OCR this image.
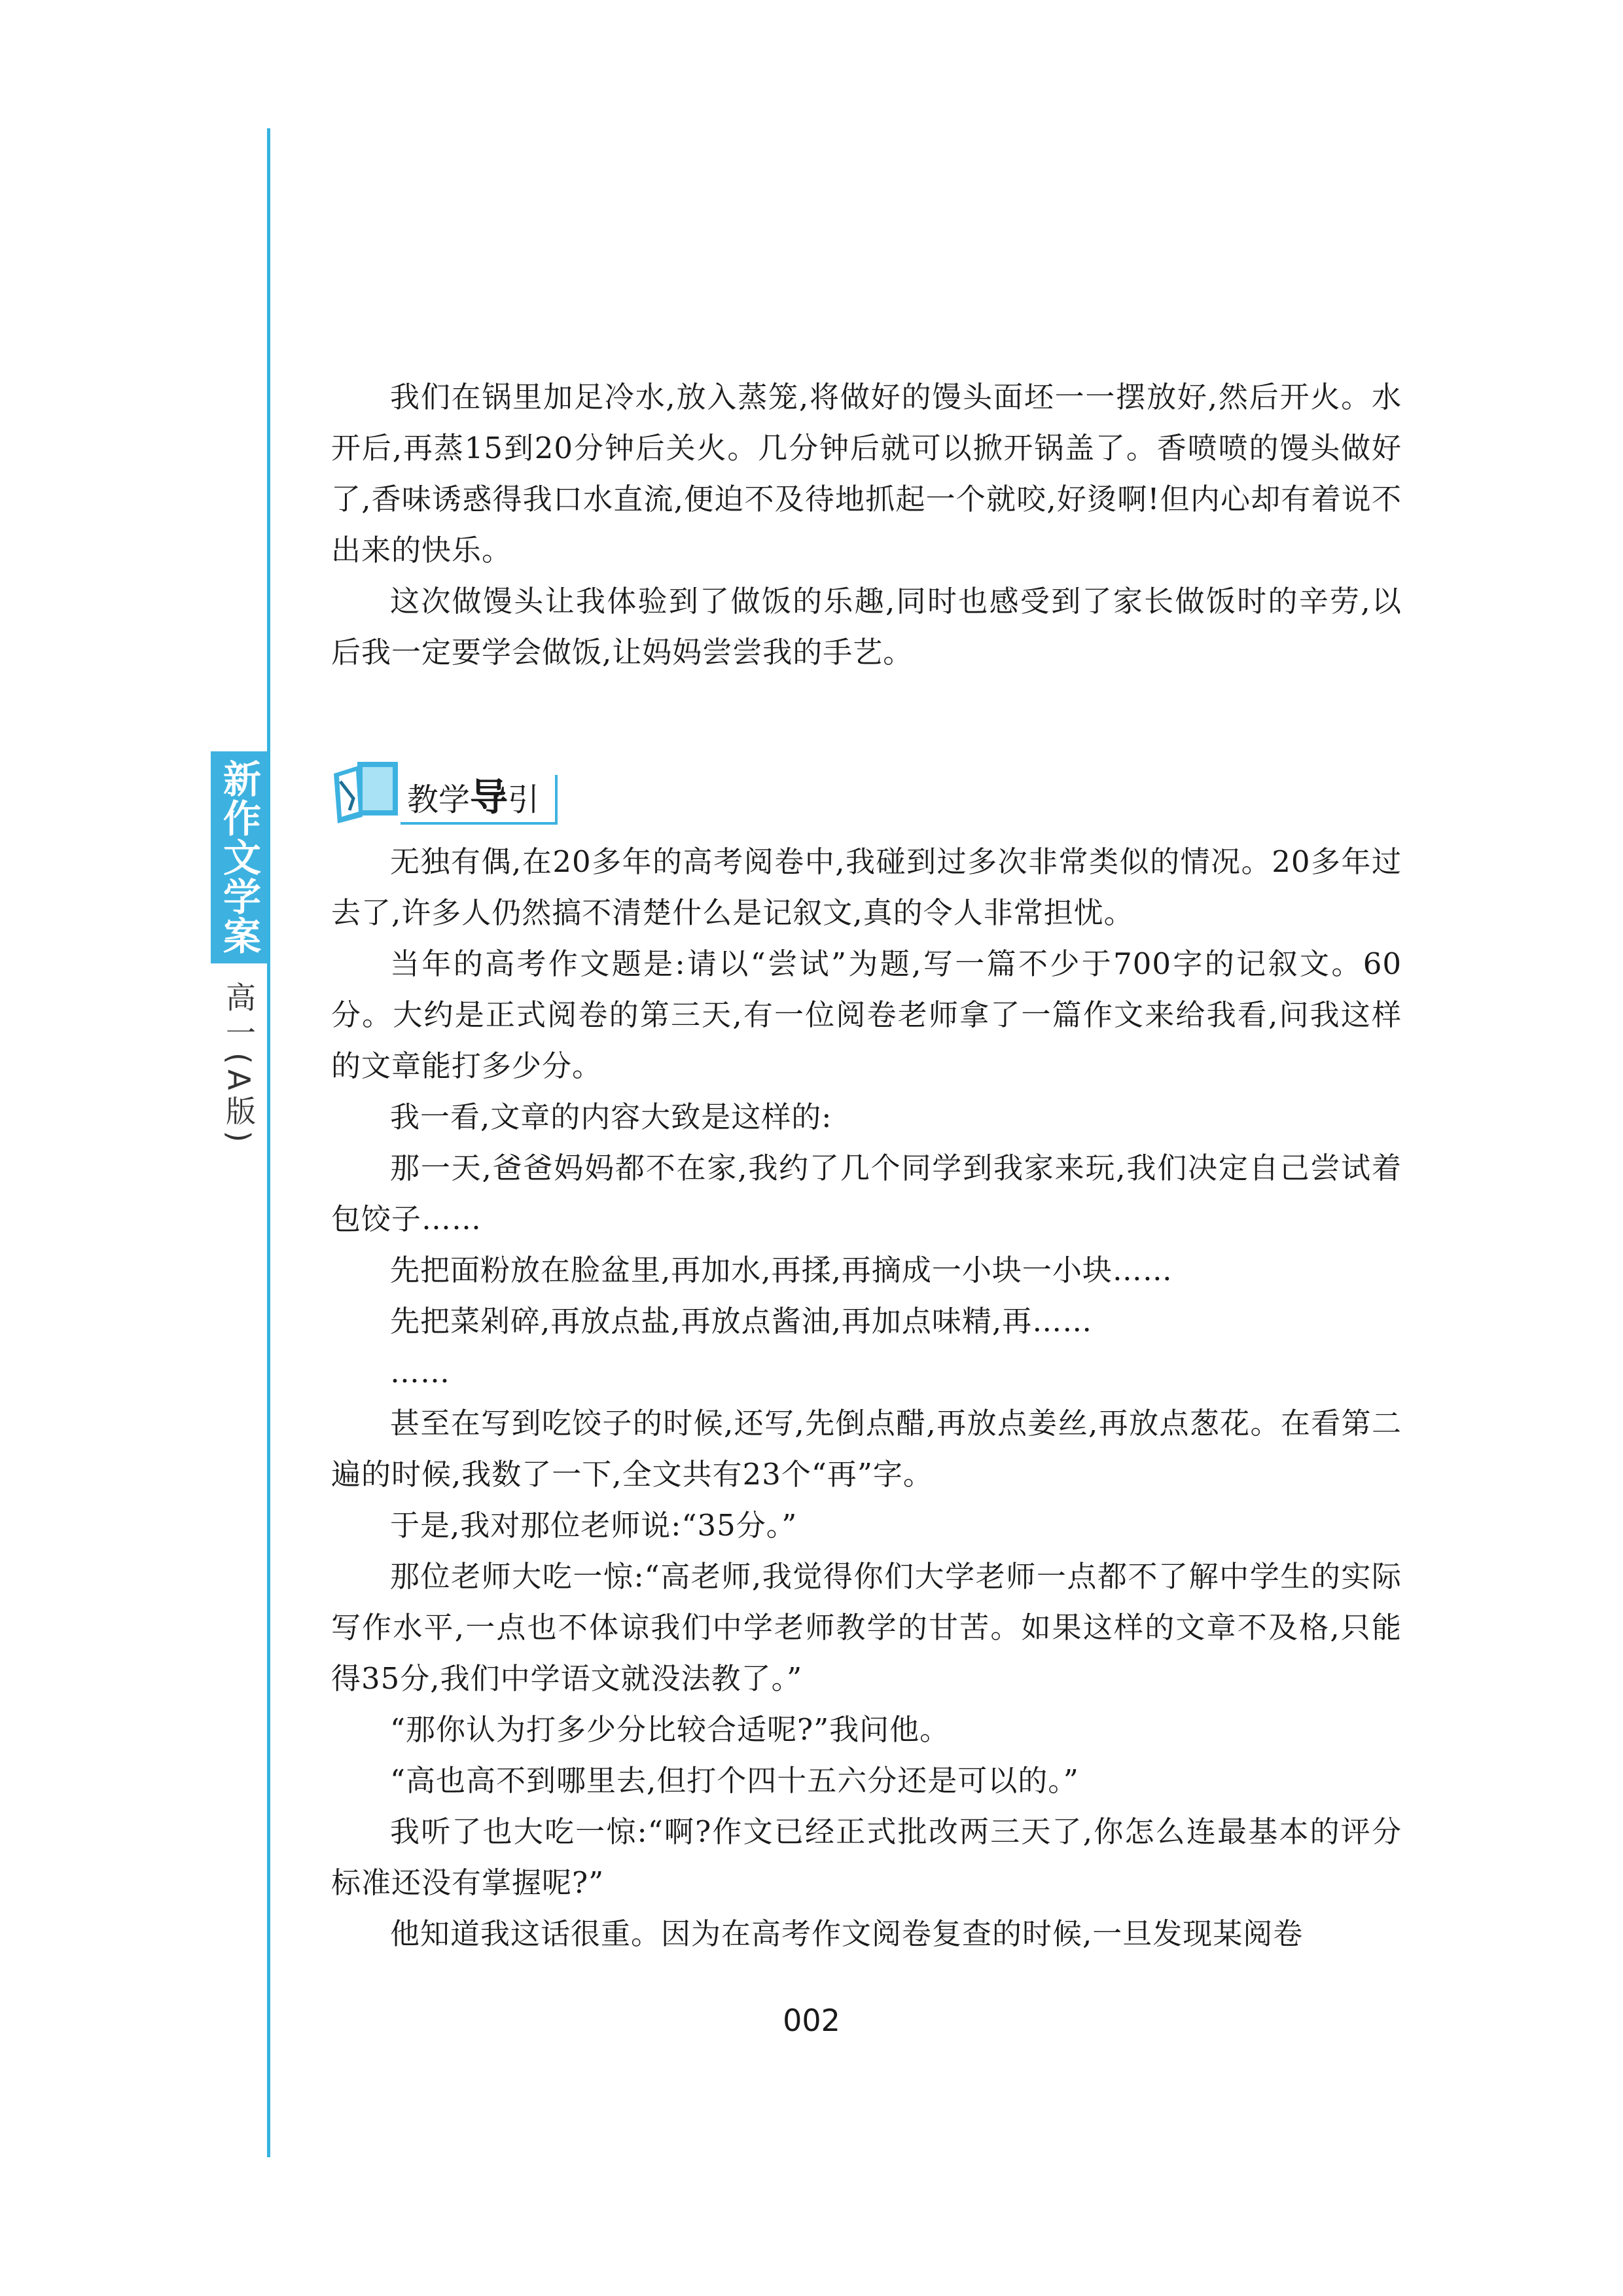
新作文学案
高一(A版)

我们在锅里加足冷水,放入蒸笼,将做好的馒头面坯一一摆放好,然后开火。水开后,再蒸15到20分钟后关火。几分钟后就可以掀开锅盖了。香喷喷的馒头做好了,香味诱惑得我口水直流,便迫不及待地抓起一个就咬,好烫啊!但内心却有着说不出来的快乐。

这次做馒头让我体验到了做饭的乐趣,同时也感受到了家长做饭时的辛劳,以后我一定要学会做饭,让妈妈尝尝我的手艺。

教学导引

无独有偶,在20多年的高考阅卷中,我碰到过多次非常类似的情况。20多年过去了,许多人仍然搞不清楚什么是记叙文,真的令人非常担忧。

当年的高考作文题是:请以“尝试”为题,写一篇不少于700字的记叙文。60分。大约是正式阅卷的第三天,有一位阅卷老师拿了一篇作文来给我看,问我这样的文章能打多少分。

我一看,文章的内容大致是这样的:

那一天,爸爸妈妈都不在家,我约了几个同学到我家来玩,我们决定自己尝试着包饺子……

先把面粉放在脸盆里,再加水,再揉,再摘成一小块一小块……

先把菜剁碎,再放点盐,再放点酱油,再加点味精,再……

……

甚至在写到吃饺子的时候,还写,先倒点醋,再放点姜丝,再放点葱花。在看第二遍的时候,我数了一下,全文共有23个“再”字。

于是,我对那位老师说:“35分。”

那位老师大吃一惊:“高老师,我觉得你们大学老师一点都不了解中学生的实际写作水平,一点也不体谅我们中学老师教学的甘苦。如果这样的文章不及格,只能得35分,我们中学语文就没法教了。”

“那你认为打多少分比较合适呢?”我问他。

“高也高不到哪里去,但打个四十五六分还是可以的。”

我听了也大吃一惊:“啊?作文已经正式批改两三天了,你怎么连最基本的评分标准还没有掌握呢?”

他知道我这话很重。因为在高考作文阅卷复查的时候,一旦发现某阅卷

002
